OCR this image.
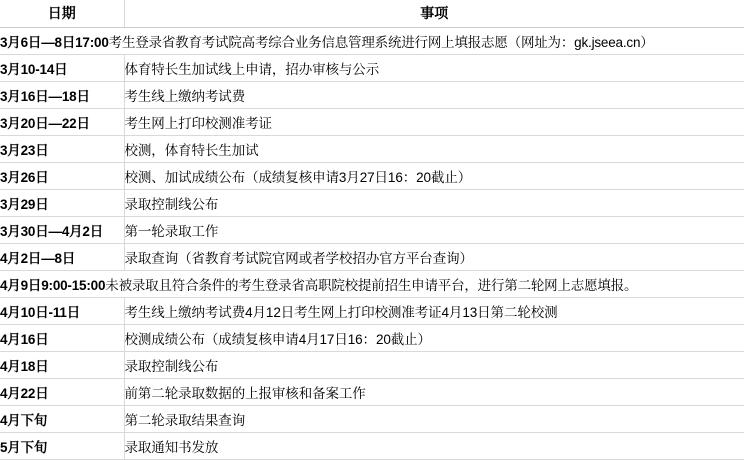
日期	事项
3月6日—8日17:00考生登录省教育考试院高考综合业务信息管理系统进行网上填报志愿（网址为：gk.jseea.cn）	
3月10-14日	体育特长生加试线上申请，招办审核与公示
3月16日—18日	考生线上缴纳考试费
3月20日—22日	考生网上打印校测准考证
3月23日	校测，体育特长生加试
3月26日	校测、加试成绩公布（成绩复核申请3月27日16：20截止）
3月29日	录取控制线公布
3月30日—4月2日	第一轮录取工作
4月2日—8日	录取查询（省教育考试院官网或者学校招办官方平台查询）
4月9日9:00-15:00未被录取且符合条件的考生登录省高职院校提前招生申请平台，进行第二轮网上志愿填报。	
4月10日-11日	考生线上缴纳考试费4月12日考生网上打印校测准考证4月13日第二轮校测
4月16日	校测成绩公布（成绩复核申请4月17日16：20截止）
4月18日	录取控制线公布
4月22日	前第二轮录取数据的上报审核和备案工作
4月下旬	第二轮录取结果查询
5月下旬	录取通知书发放
